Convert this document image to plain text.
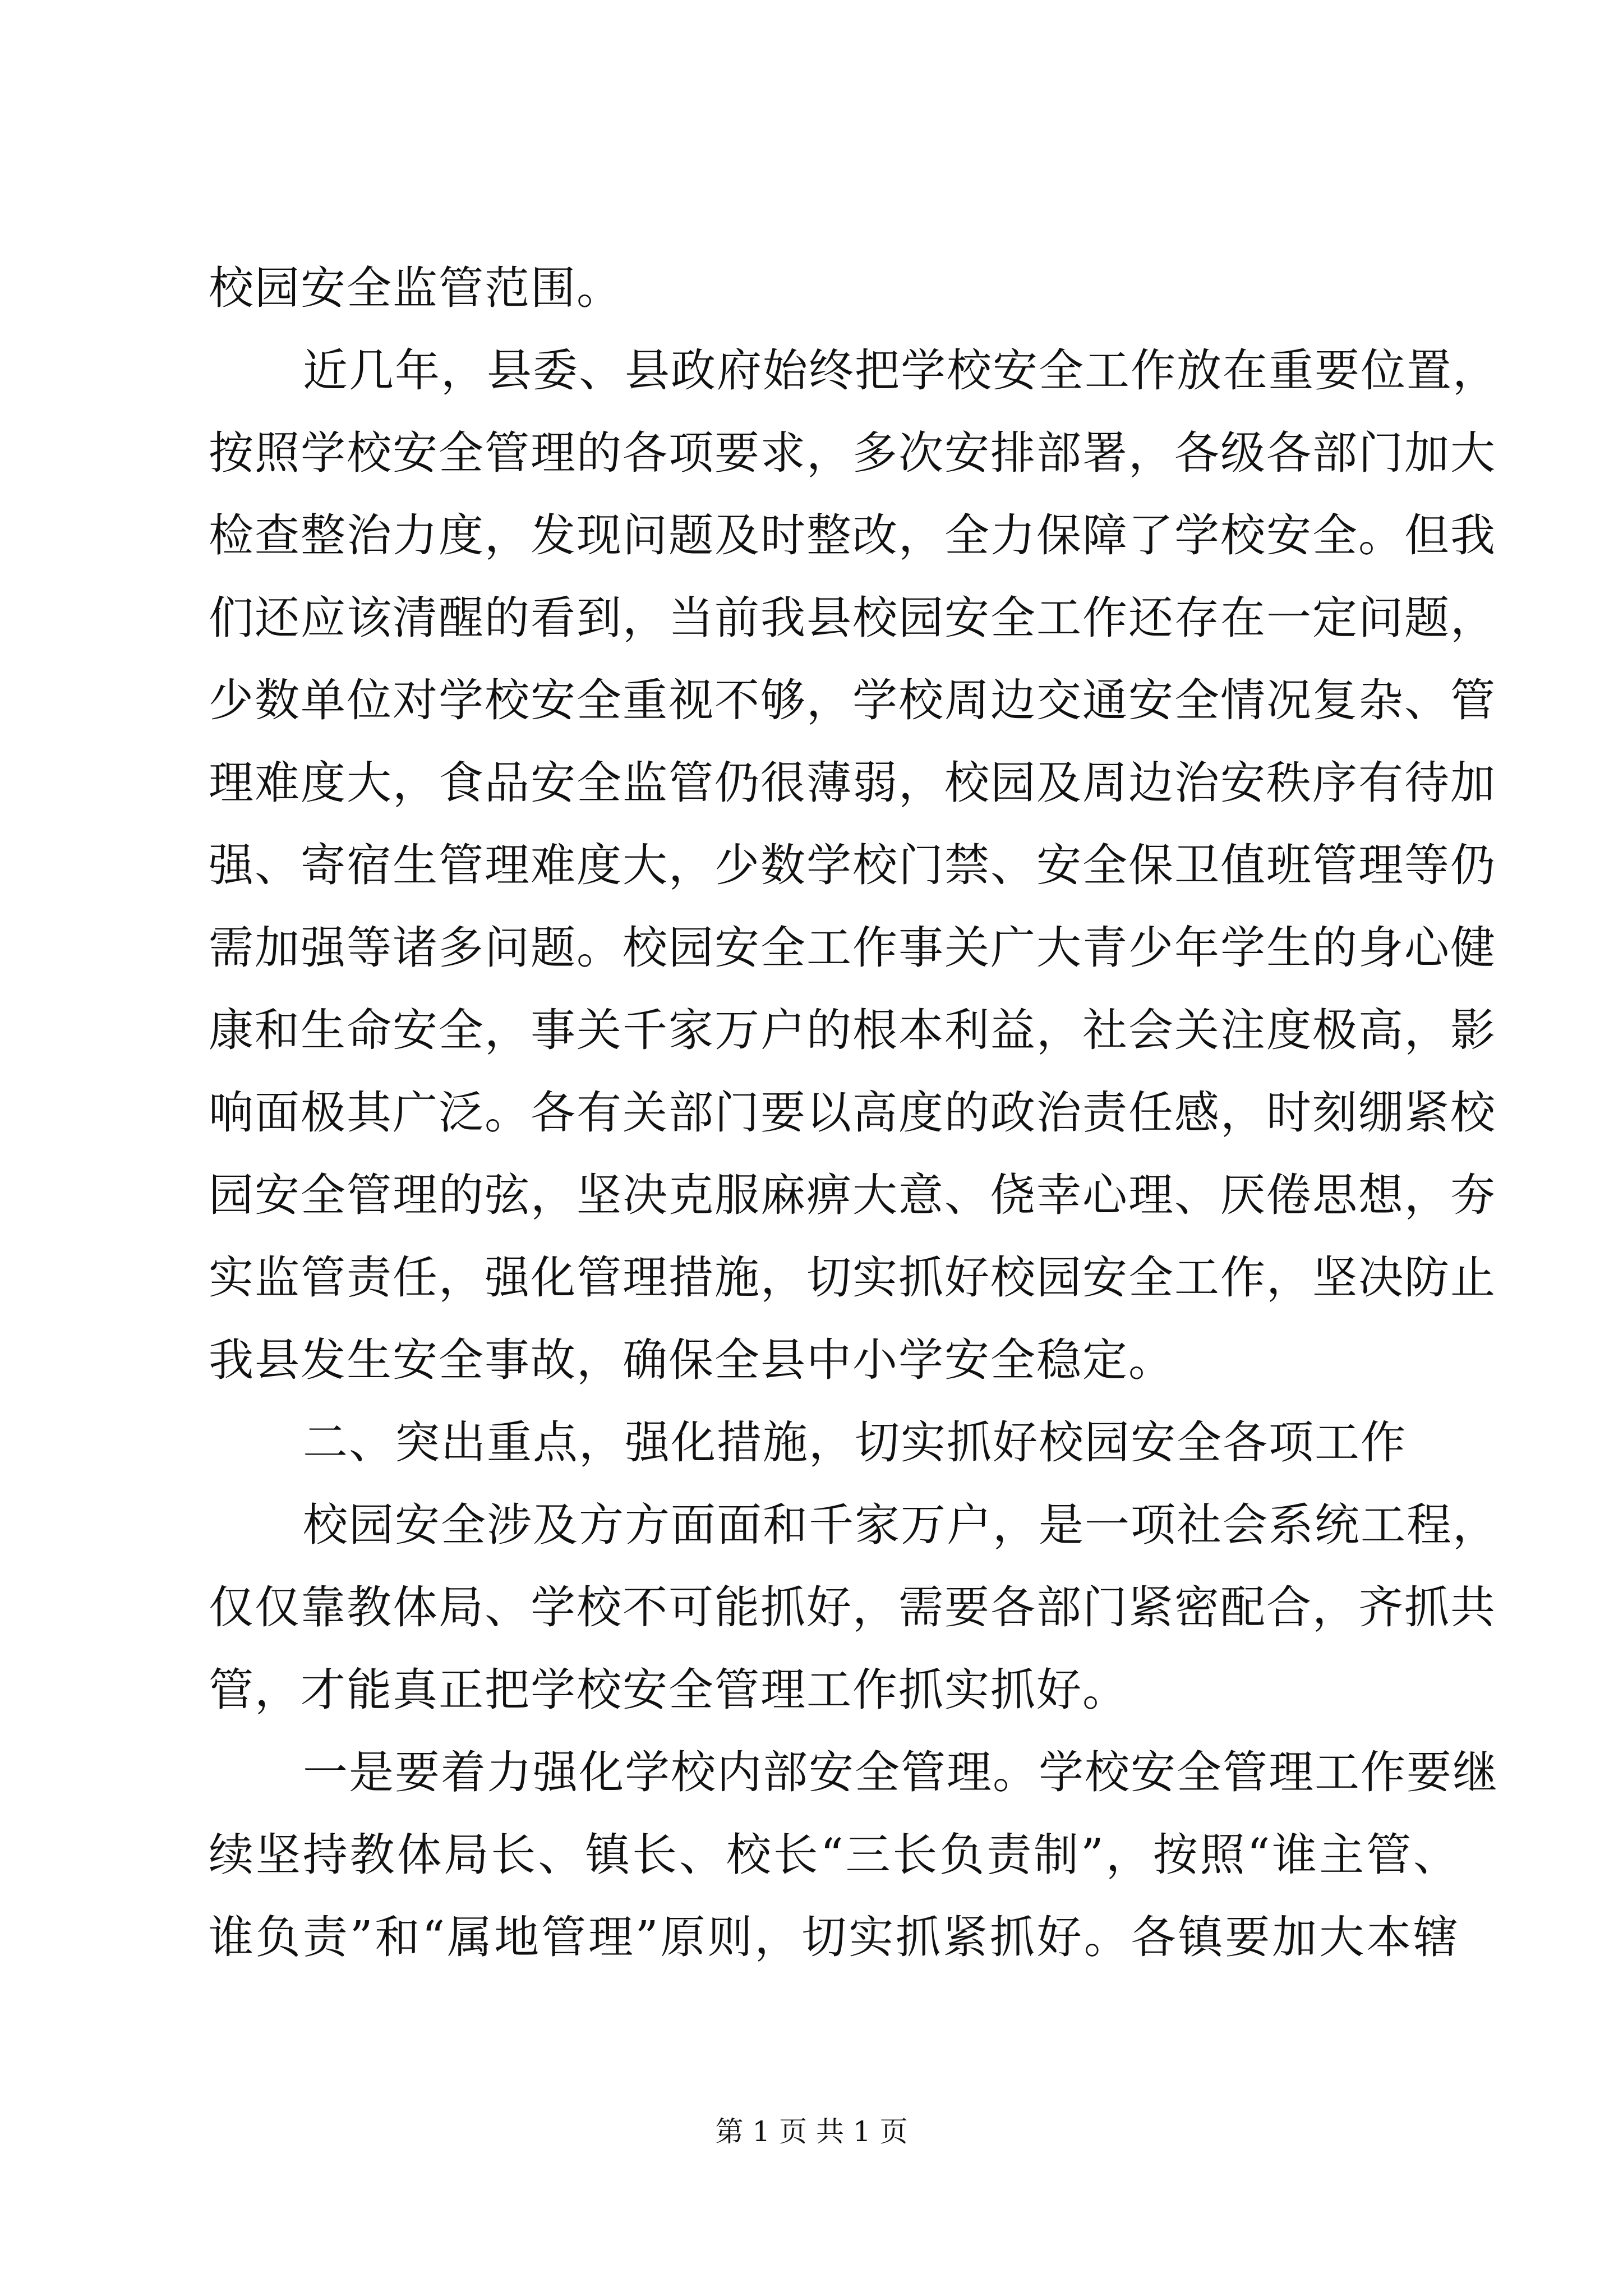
校园安全监管范围。
近几年，县委、县政府始终把学校安全工作放在重要位置，
按照学校安全管理的各项要求，多次安排部署，各级各部门加大
检查整治力度，发现问题及时整改，全力保障了学校安全。但我
们还应该清醒的看到，当前我县校园安全工作还存在一定问题，
少数单位对学校安全重视不够，学校周边交通安全情况复杂、管
理难度大，食品安全监管仍很薄弱，校园及周边治安秩序有待加
强、寄宿生管理难度大，少数学校门禁、安全保卫值班管理等仍
需加强等诸多问题。校园安全工作事关广大青少年学生的身心健
康和生命安全，事关千家万户的根本利益，社会关注度极高，影
响面极其广泛。各有关部门要以高度的政治责任感，时刻绷紧校
园安全管理的弦，坚决克服麻痹大意、侥幸心理、厌倦思想，夯
实监管责任，强化管理措施，切实抓好校园安全工作，坚决防止
我县发生安全事故，确保全县中小学安全稳定。
二、突出重点，强化措施，切实抓好校园安全各项工作
校园安全涉及方方面面和千家万户，是一项社会系统工程，
仅仅靠教体局、学校不可能抓好，需要各部门紧密配合，齐抓共
管，才能真正把学校安全管理工作抓实抓好。
一是要着力强化学校内部安全管理。学校安全管理工作要继
续坚持教体局长、镇长、校长“三长负责制”，按照“谁主管、
谁负责”和“属地管理”原则，切实抓紧抓好。各镇要加大本辖
第 1 页 共 1 页
